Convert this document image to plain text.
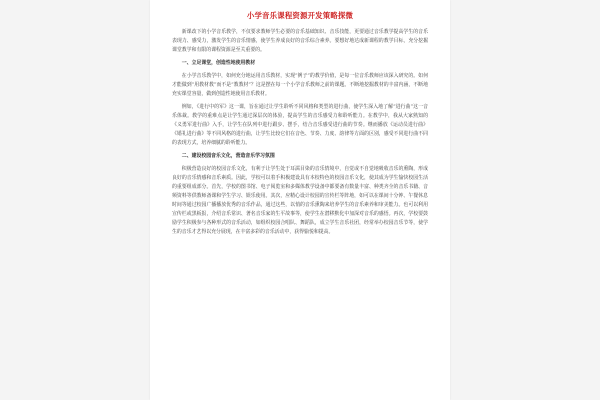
小学音乐课程资源开发策略探微

新课改下的小学音乐教学，不仅要求教师学生必要的音乐基础知识、音乐技能，更要通过音乐教学提高学生的音乐表现力、感受力，激发学生的音乐情感，使学生养成良好的音乐综合素养。要想好地达成新课程的教学目标，充分挖掘课堂教学和有限的课程资源是至关重要的。

一、立足课堂，创造性地使用教材

在小学音乐教学中，如何充分地运用音乐教材，实现“例子”的教学价值，是每一位音乐教师应该深入研究的。如何才能做到“用教材教”而不是“教教材”？这是摆在每一个小学音乐教师之前的课题。不断地挖掘教材的丰富内涵，不断地充实课堂容量，做到创造性地使用音乐教材。

例如，《进行中的军》这一课，旨在通过让学生聆听不同风格和类型的进行曲，使学生深入地了解“进行曲”这一音乐体裁。教学的重难点是让学生通过深层次的体验，提高学生的音乐感受力和聆听能力。在教学中，我从大家熟知的《义勇军进行曲》入手，让学生在队列中进行跟步、摆手，结合音乐感受进行曲的节奏。继而播放《运动员进行曲》《婚礼进行曲》等不同风格的进行曲，让学生比较它们在音色、节奏、力度、韵律等方面的区别，感受不同进行曲不同的表现方式，培养细腻的聆听能力。

二、建设校园音乐文化，营造音乐学习氛围

积极营造良好的校园音乐文化，有利于让学生处于耳濡目染的音乐情境中，自觉或不自觉地吸收音乐的熏陶，形成良好的音乐情感和音乐素质。因此，学校可以着手积极建设具有本校特色的校园音乐文化，使其成为学生愉快校园生活的重要组成部分。首先，学校的图书馆、电子阅览室和多媒体教学设备中都要备有数量丰富、种类齐全的音乐书籍、音频资料等供教师备课和学生学习、娱乐使用。其次，应精心设计校园的宣传栏等阵地，如可以在课间十分钟、午餐休息时间等通过校园广播播放优秀的音乐作品，通过这些，以悄的音乐熏陶来培养学生的音乐素养和审美能力。也可以利用宣传栏或黑板报，介绍音乐常识、著名音乐家的生平故事等，使学生在潜移默化中加深对音乐的感悟。再次，学校要鼓励学生积极参与各种形式的音乐活动，如组织校园合唱队、舞蹈队，成立学生音乐社团，经常举办校园音乐节等，使学生的音乐才艺得以充分展现，在丰富多彩的音乐活动中，获得愉悦和提高。
